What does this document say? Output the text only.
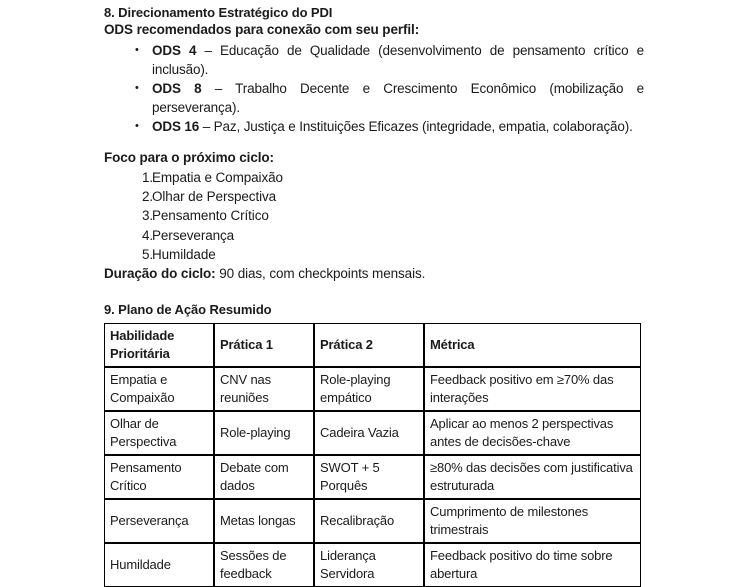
8. Direcionamento Estratégico do PDI
ODS recomendados para conexão com seu perfil:
• ODS 4 – Educação de Qualidade (desenvolvimento de pensamento crítico e inclusão).
• ODS 8 – Trabalho Decente e Crescimento Econômico (mobilização e perseverança).
• ODS 16 – Paz, Justiça e Instituições Eficazes (integridade, empatia, colaboração).
Foco para o próximo ciclo:
1. Empatia e Compaixão
2. Olhar de Perspectiva
3. Pensamento Crítico
4. Perseverança
5. Humildade
Duração do ciclo: 90 dias, com checkpoints mensais.
9. Plano de Ação Resumido
Habilidade Prioritária	Prática 1	Prática 2	Métrica
Empatia e Compaixão	CNV nas reuniões	Role-playing empático	Feedback positivo em ≥70% das interações
Olhar de Perspectiva	Role-playing	Cadeira Vazia	Aplicar ao menos 2 perspectivas antes de decisões-chave
Pensamento Crítico	Debate com dados	SWOT + 5 Porquês	≥80% das decisões com justificativa estruturada
Perseverança	Metas longas	Recalibração	Cumprimento de milestones trimestrais
Humildade	Sessões de feedback	Liderança Servidora	Feedback positivo do time sobre abertura
